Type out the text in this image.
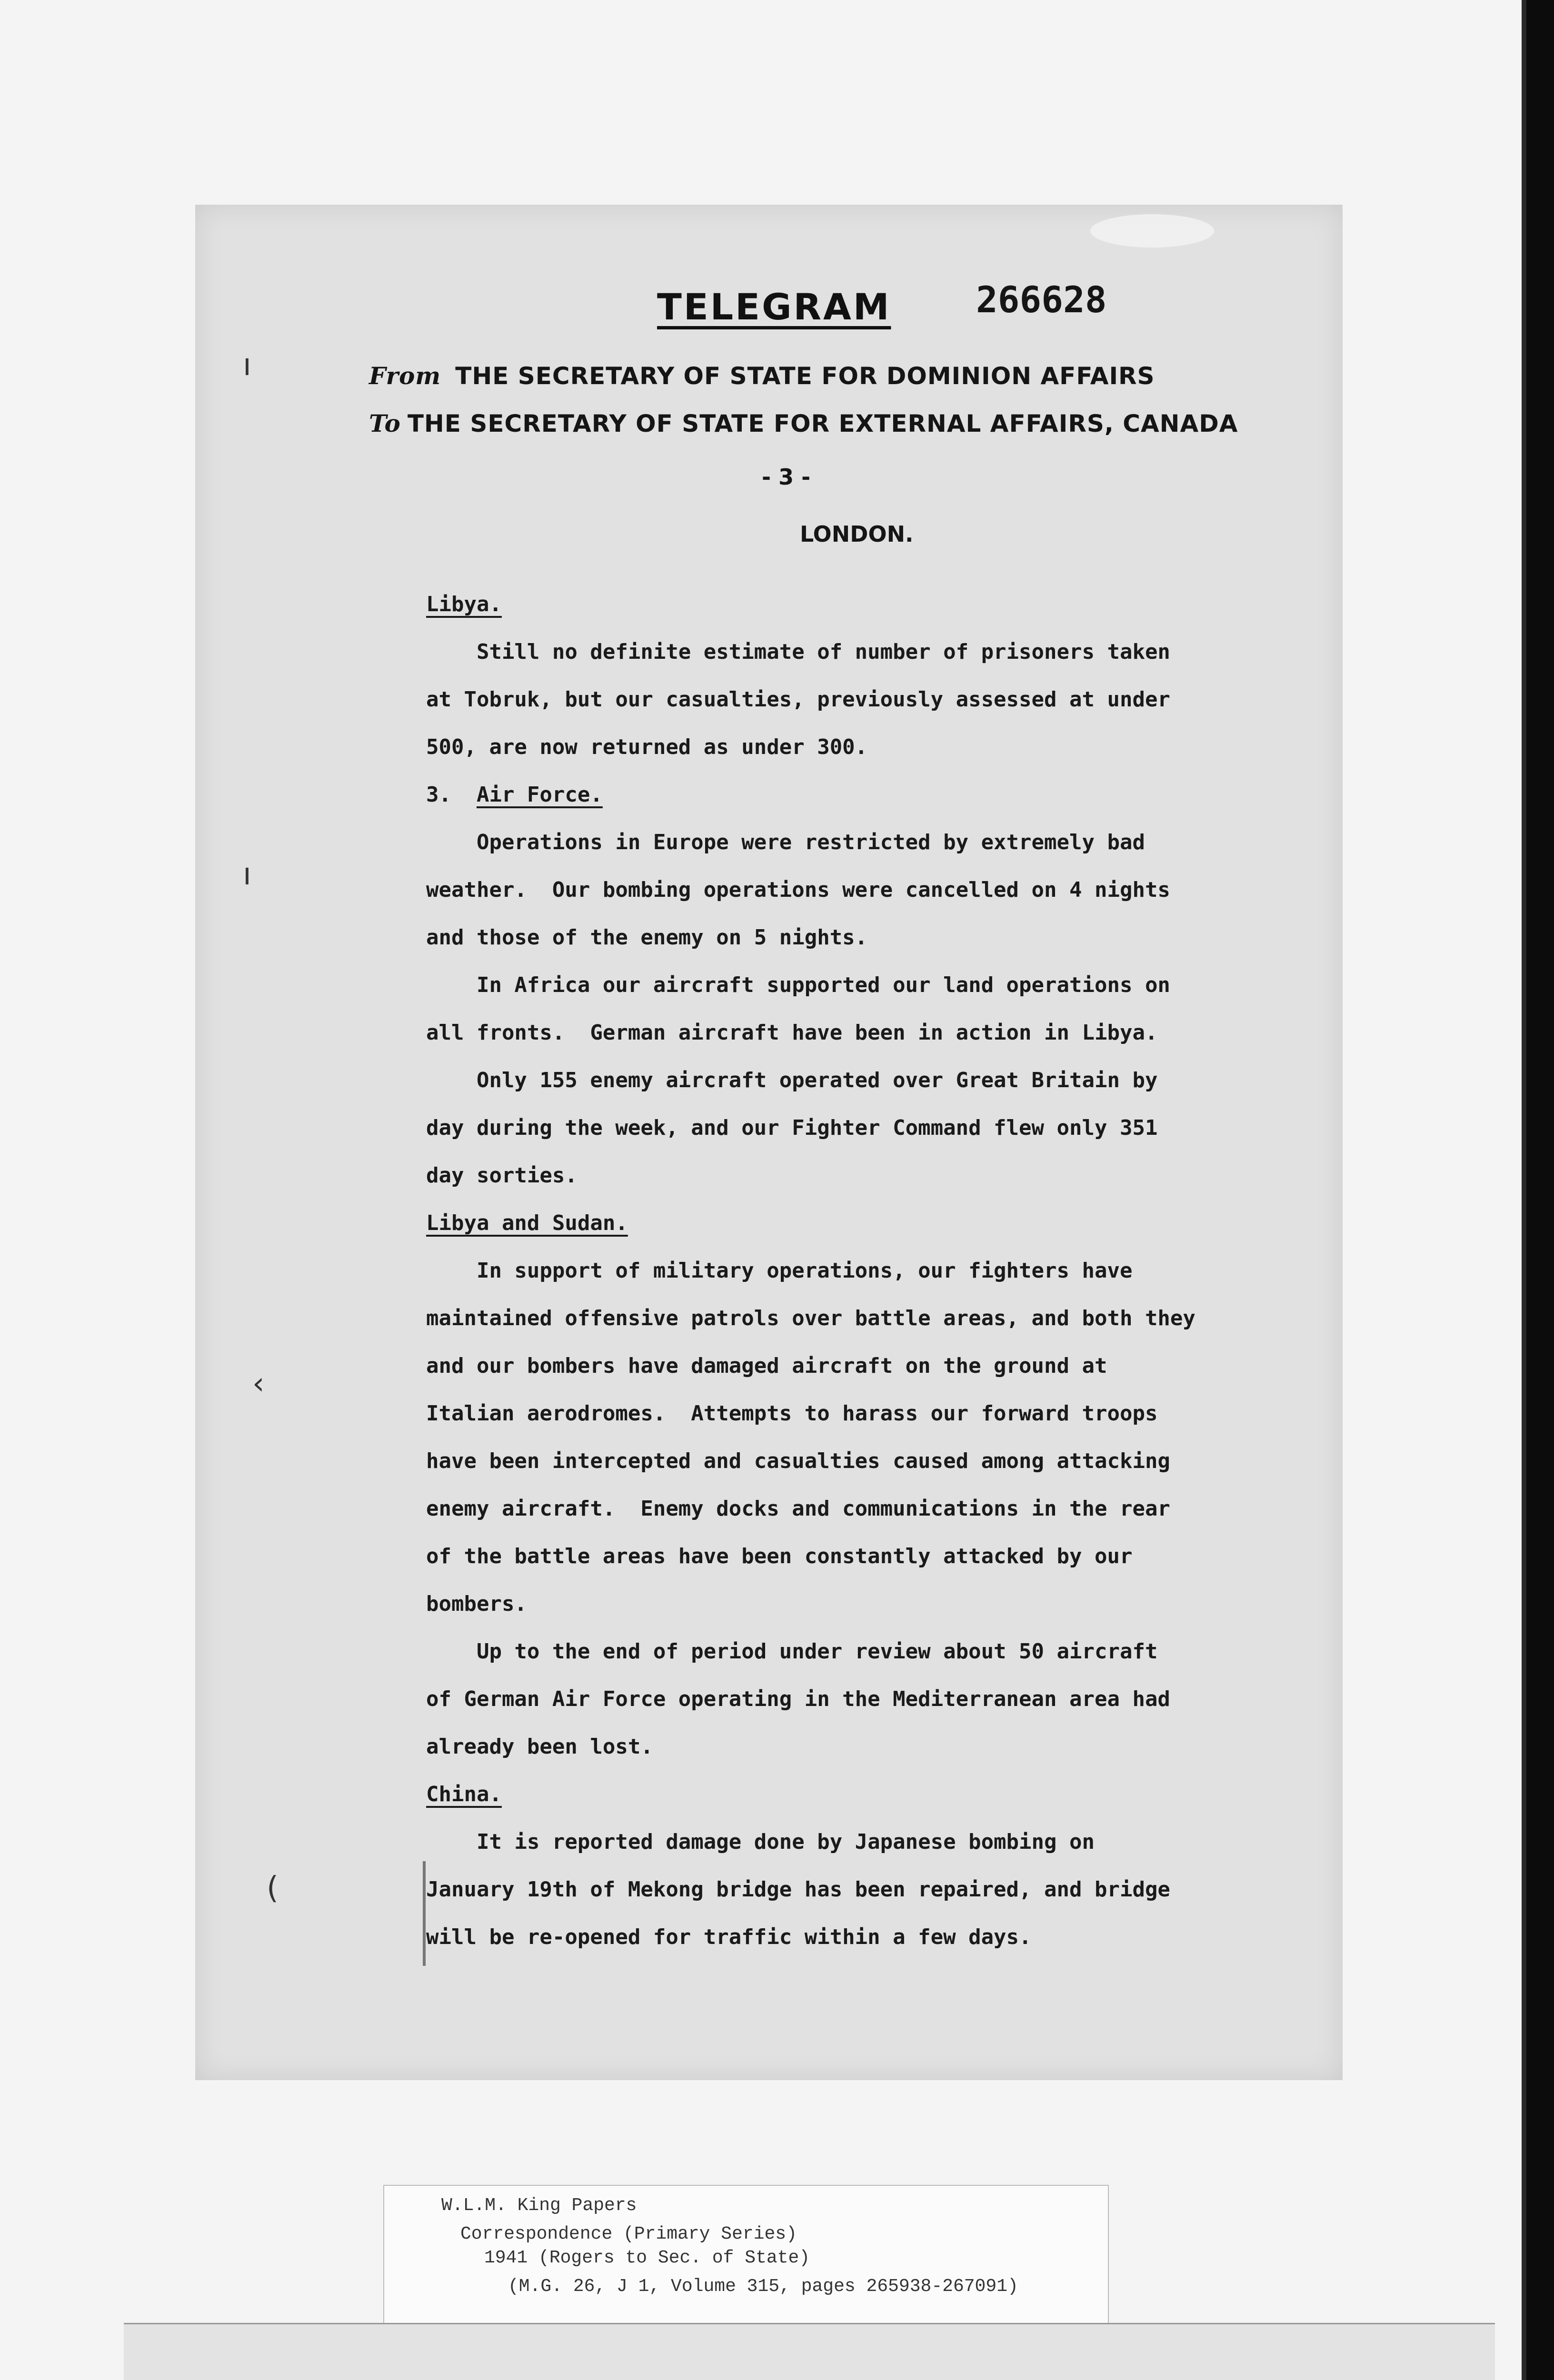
ı
ı
‹
(
TELEGRAM 266628
From THE SECRETARY OF STATE FOR DOMINION AFFAIRS
To THE SECRETARY OF STATE FOR EXTERNAL AFFAIRS, CANADA
- 3 -
LONDON.

Libya.

Still no definite estimate of number of prisoners taken

at Tobruk, but our casualties, previously assessed at under

500, are now returned as under 300.

3.  Air Force.

Operations in Europe were restricted by extremely bad

weather.  Our bombing operations were cancelled on 4 nights

and those of the enemy on 5 nights.

In Africa our aircraft supported our land operations on

all fronts.  German aircraft have been in action in Libya.

Only 155 enemy aircraft operated over Great Britain by

day during the week, and our Fighter Command flew only 351

day sorties.

Libya and Sudan.

In support of military operations, our fighters have

maintained offensive patrols over battle areas, and both they

and our bombers have damaged aircraft on the ground at

Italian aerodromes.  Attempts to harass our forward troops

have been intercepted and casualties caused among attacking

enemy aircraft.  Enemy docks and communications in the rear

of the battle areas have been constantly attacked by our

bombers.

Up to the end of period under review about 50 aircraft

of German Air Force operating in the Mediterranean area had

already been lost.

China.

It is reported damage done by Japanese bombing on

January 19th of Mekong bridge has been repaired, and bridge

will be re-opened for traffic within a few days.

W.L.M. King Papers
Correspondence (Primary Series)
1941 (Rogers to Sec. of State)
(M.G. 26, J 1, Volume 315, pages 265938-267091)
